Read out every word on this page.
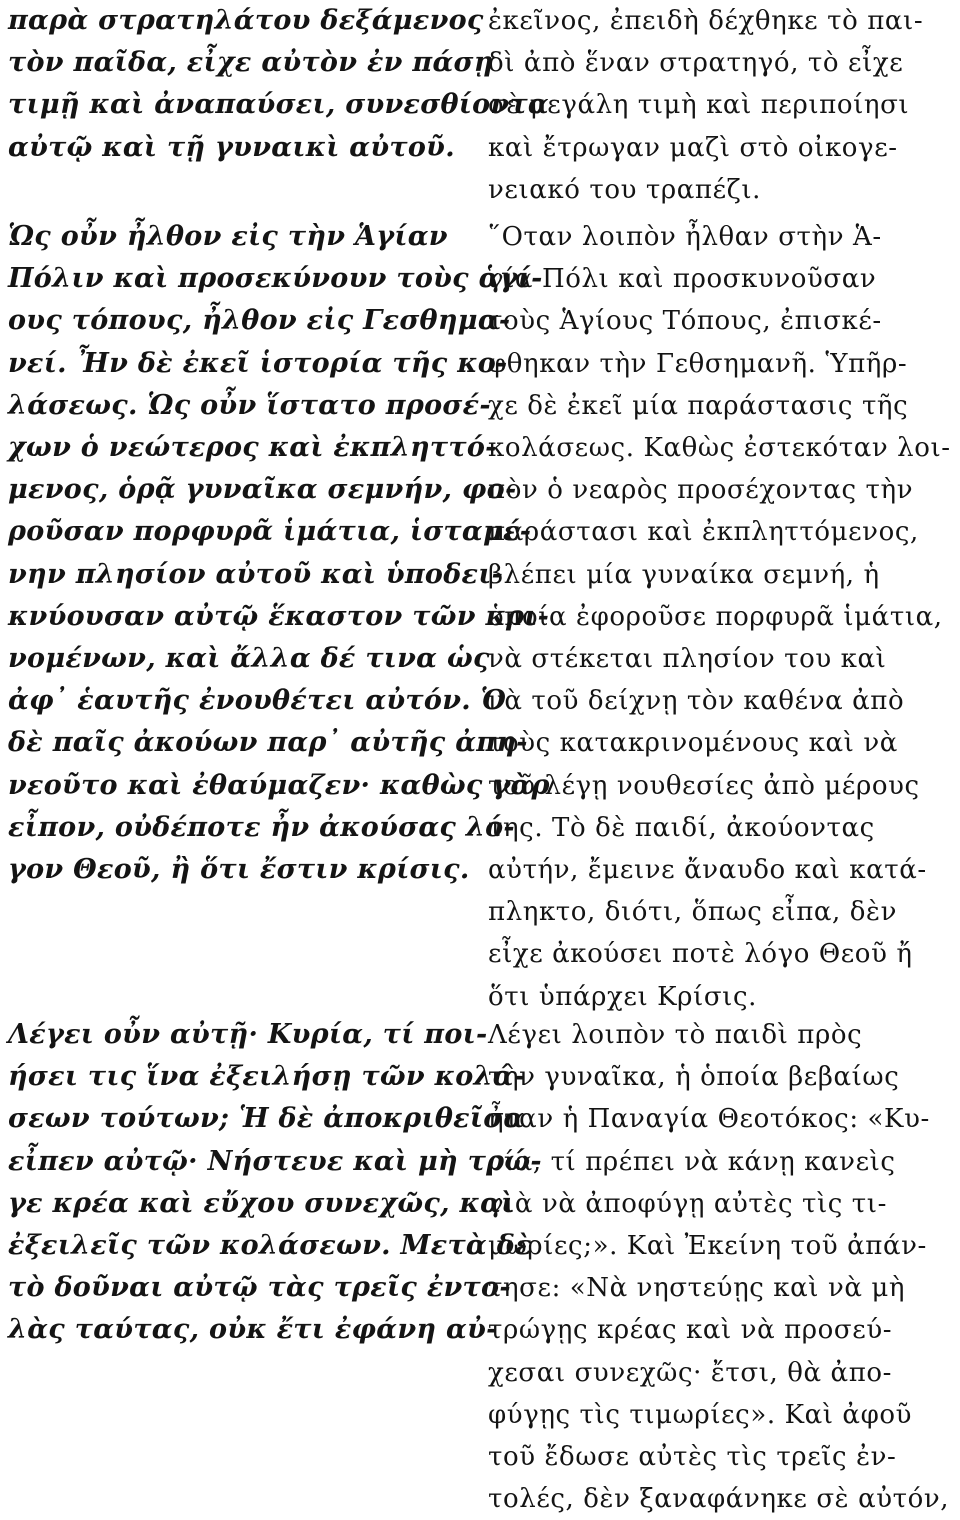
παρὰ στρατηλάτου δεξάμενος
τὸν παῖδα, εἶχε αὐτὸν ἐν πάσῃ
τιμῇ καὶ ἀναπαύσει, συνεσθίοντα
αὐτῷ καὶ τῇ γυναικὶ αὐτοῦ.

Ὡς οὖν ἦλθον εἰς τὴν Ἁγίαν
Πόλιν καὶ προσεκύνουν τοὺς ἁγί-
ους τόπους, ἦλθον εἰς Γεσθημα-
νεί. Ἦν δὲ ἐκεῖ ἱστορία τῆς κο-
λάσεως. Ὡς οὖν ἵστατο προσέ-
χων ὁ νεώτερος καὶ ἐκπληττό-
μενος, ὁρᾷ γυναῖκα σεμνήν, φο-
ροῦσαν πορφυρᾶ ἱμάτια, ἱσταμέ-
νην πλησίον αὐτοῦ καὶ ὑποδει-
κνύουσαν αὐτῷ ἕκαστον τῶν κρι-
νομένων, καὶ ἄλλα δέ τινα ὡς
ἀφ᾽ ἑαυτῆς ἐνουθέτει αὐτόν. Ὁ
δὲ παῖς ἀκούων παρ᾽ αὐτῆς ἀπη-
νεοῦτο καὶ ἐθαύμαζεν· καθὼς γὰρ
εἶπον, οὐδέποτε ἦν ἀκούσας λό-
γον Θεοῦ, ἢ ὅτι ἔστιν κρίσις.

Λέγει οὖν αὐτῇ· Κυρία, τί ποι-
ήσει τις ἵνα ἐξειλήσῃ τῶν κολά-
σεων τούτων; Ἡ δὲ ἀποκριθεῖσα
εἶπεν αὐτῷ· Νήστευε καὶ μὴ τρώ-
γε κρέα καὶ εὔχου συνεχῶς, καὶ
ἐξειλεῖς τῶν κολάσεων. Μετὰ δὲ
τὸ δοῦναι αὐτῷ τὰς τρεῖς ἐντο-
λὰς ταύτας, οὐκ ἔτι ἐφάνη αὐ-

ἐκεῖνος, ἐπειδὴ δέχθηκε τὸ παι-
δὶ ἀπὸ ἕναν στρατηγό, τὸ εἶχε
σὲ μεγάλη τιμὴ καὶ περιποίησι
καὶ ἔτρωγαν μαζὶ στὸ οἰκογε-
νειακό του τραπέζι.

῞Οταν λοιπὸν ἦλθαν στὴν Ἁ-
γία Πόλι καὶ προσκυνοῦσαν
τοὺς Ἁγίους Τόπους, ἐπισκέ-
φθηκαν τὴν Γεθσημανῆ. Ὑπῆρ-
χε δὲ ἐκεῖ μία παράστασις τῆς
κολάσεως. Καθὼς ἐστεκόταν λοι-
πὸν ὁ νεαρὸς προσέχοντας τὴν
παράστασι καὶ ἐκπληττόμενος,
βλέπει μία γυναίκα σεμνή, ἡ
ὁποία ἐφοροῦσε πορφυρᾶ ἱμάτια,
νὰ στέκεται πλησίον του καὶ
νὰ τοῦ δείχνῃ τὸν καθένα ἀπὸ
τοὺς κατακρινομένους καὶ νὰ
τοῦ λέγῃ νουθεσίες ἀπὸ μέρους
της. Τὸ δὲ παιδί, ἀκούοντας
αὐτήν, ἔμεινε ἄναυδο καὶ κατά-
πληκτο, διότι, ὅπως εἶπα, δὲν
εἶχε ἀκούσει ποτὲ λόγο Θεοῦ ἤ
ὅτι ὑπάρχει Κρίσις.

Λέγει λοιπὸν τὸ παιδὶ πρὸς
τὴν γυναῖκα, ἡ ὁποία βεβαίως
ἦταν ἡ Παναγία Θεοτόκος: «Κυ-
ρία, τί πρέπει νὰ κάνῃ κανεὶς
γιὰ νὰ ἀποφύγῃ αὐτὲς τὶς τι-
μωρίες;». Καὶ Ἐκείνη τοῦ ἀπάν-
τησε: «Νὰ νηστεύῃς καὶ νὰ μὴ
τρώγῃς κρέας καὶ νὰ προσεύ-
χεσαι συνεχῶς· ἔτσι, θὰ ἀπο-
φύγῃς τὶς τιμωρίες». Καὶ ἀφοῦ
τοῦ ἔδωσε αὐτὲς τὶς τρεῖς ἐν-
τολές, δὲν ξαναφάνηκε σὲ αὐτόν,
